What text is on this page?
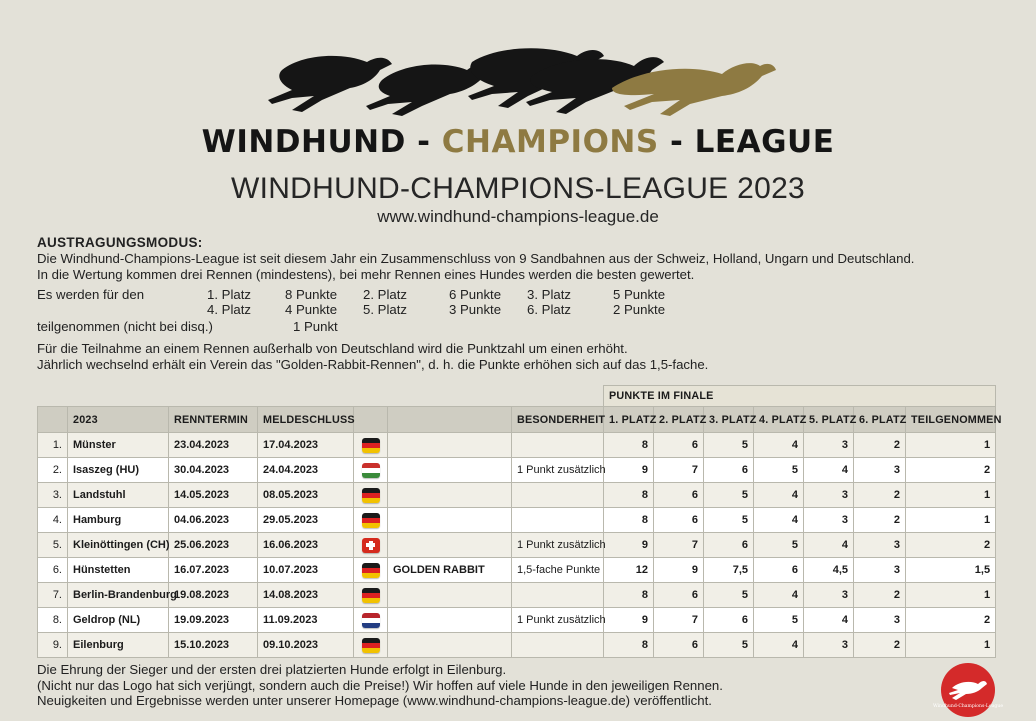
WINDHUND - CHAMPIONS - LEAGUE
WINDHUND-CHAMPIONS-LEAGUE 2023
www.windhund-champions-league.de
AUSTRAGUNGSMODUS:
Die Windhund-Champions-League ist seit diesem Jahr ein Zusammenschluss von 9 Sandbahnen aus der Schweiz, Holland, Ungarn und Deutschland.
In die Wertung kommen drei Rennen (mindestens), bei mehr Rennen eines Hundes werden die besten gewertet.
Es werden für den	1. Platz	8 Punkte 2. Platz	6 Punkte 3. Platz	5 Punkte
4. Platz	4 Punkte 5. Platz	3 Punkte 6. Platz	2 Punkte
teilgenommen (nicht bei disq.)	1 Punkt
Für die Teilnahme an einem Rennen außerhalb von Deutschland wird die Punktzahl um einen erhöht.
Jährlich wechselnd erhält ein Verein das "Golden-Rabbit-Rennen", d. h. die Punkte erhöhen sich auf das 1,5-fache.
							PUNKTE IM FINALE						
	2023	RENNTERMIN	MELDESCHLUSS			BESONDERHEIT	1. PLATZ	2. PLATZ	3. PLATZ	4. PLATZ	5. PLATZ	6. PLATZ	TEILGENOMMEN
1.	Münster	23.04.2023	17.04.2023				8	6	5	4	3	2	1
2.	Isaszeg (HU)	30.04.2023	24.04.2023			1 Punkt zusätzlich	9	7	6	5	4	3	2
3.	Landstuhl	14.05.2023	08.05.2023				8	6	5	4	3	2	1
4.	Hamburg	04.06.2023	29.05.2023				8	6	5	4	3	2	1
5.	Kleinöttingen (CH)	25.06.2023	16.06.2023			1 Punkt zusätzlich	9	7	6	5	4	3	2
6.	Hünstetten	16.07.2023	10.07.2023		GOLDEN RABBIT	1,5-fache Punkte	12	9	7,5	6	4,5	3	1,5
7.	Berlin-Brandenburg	19.08.2023	14.08.2023				8	6	5	4	3	2	1
8.	Geldrop (NL)	19.09.2023	11.09.2023			1 Punkt zusätzlich	9	7	6	5	4	3	2
9.	Eilenburg	15.10.2023	09.10.2023				8	6	5	4	3	2	1
Die Ehrung der Sieger und der ersten drei platzierten Hunde erfolgt in Eilenburg.
(Nicht nur das Logo hat sich verjüngt, sondern auch die Preise!) Wir hoffen auf viele Hunde in den jeweiligen Rennen.
Neuigkeiten und Ergebnisse werden unter unserer Homepage (www.windhund-champions-league.de) veröffentlicht.	Windhund-Champions-League
